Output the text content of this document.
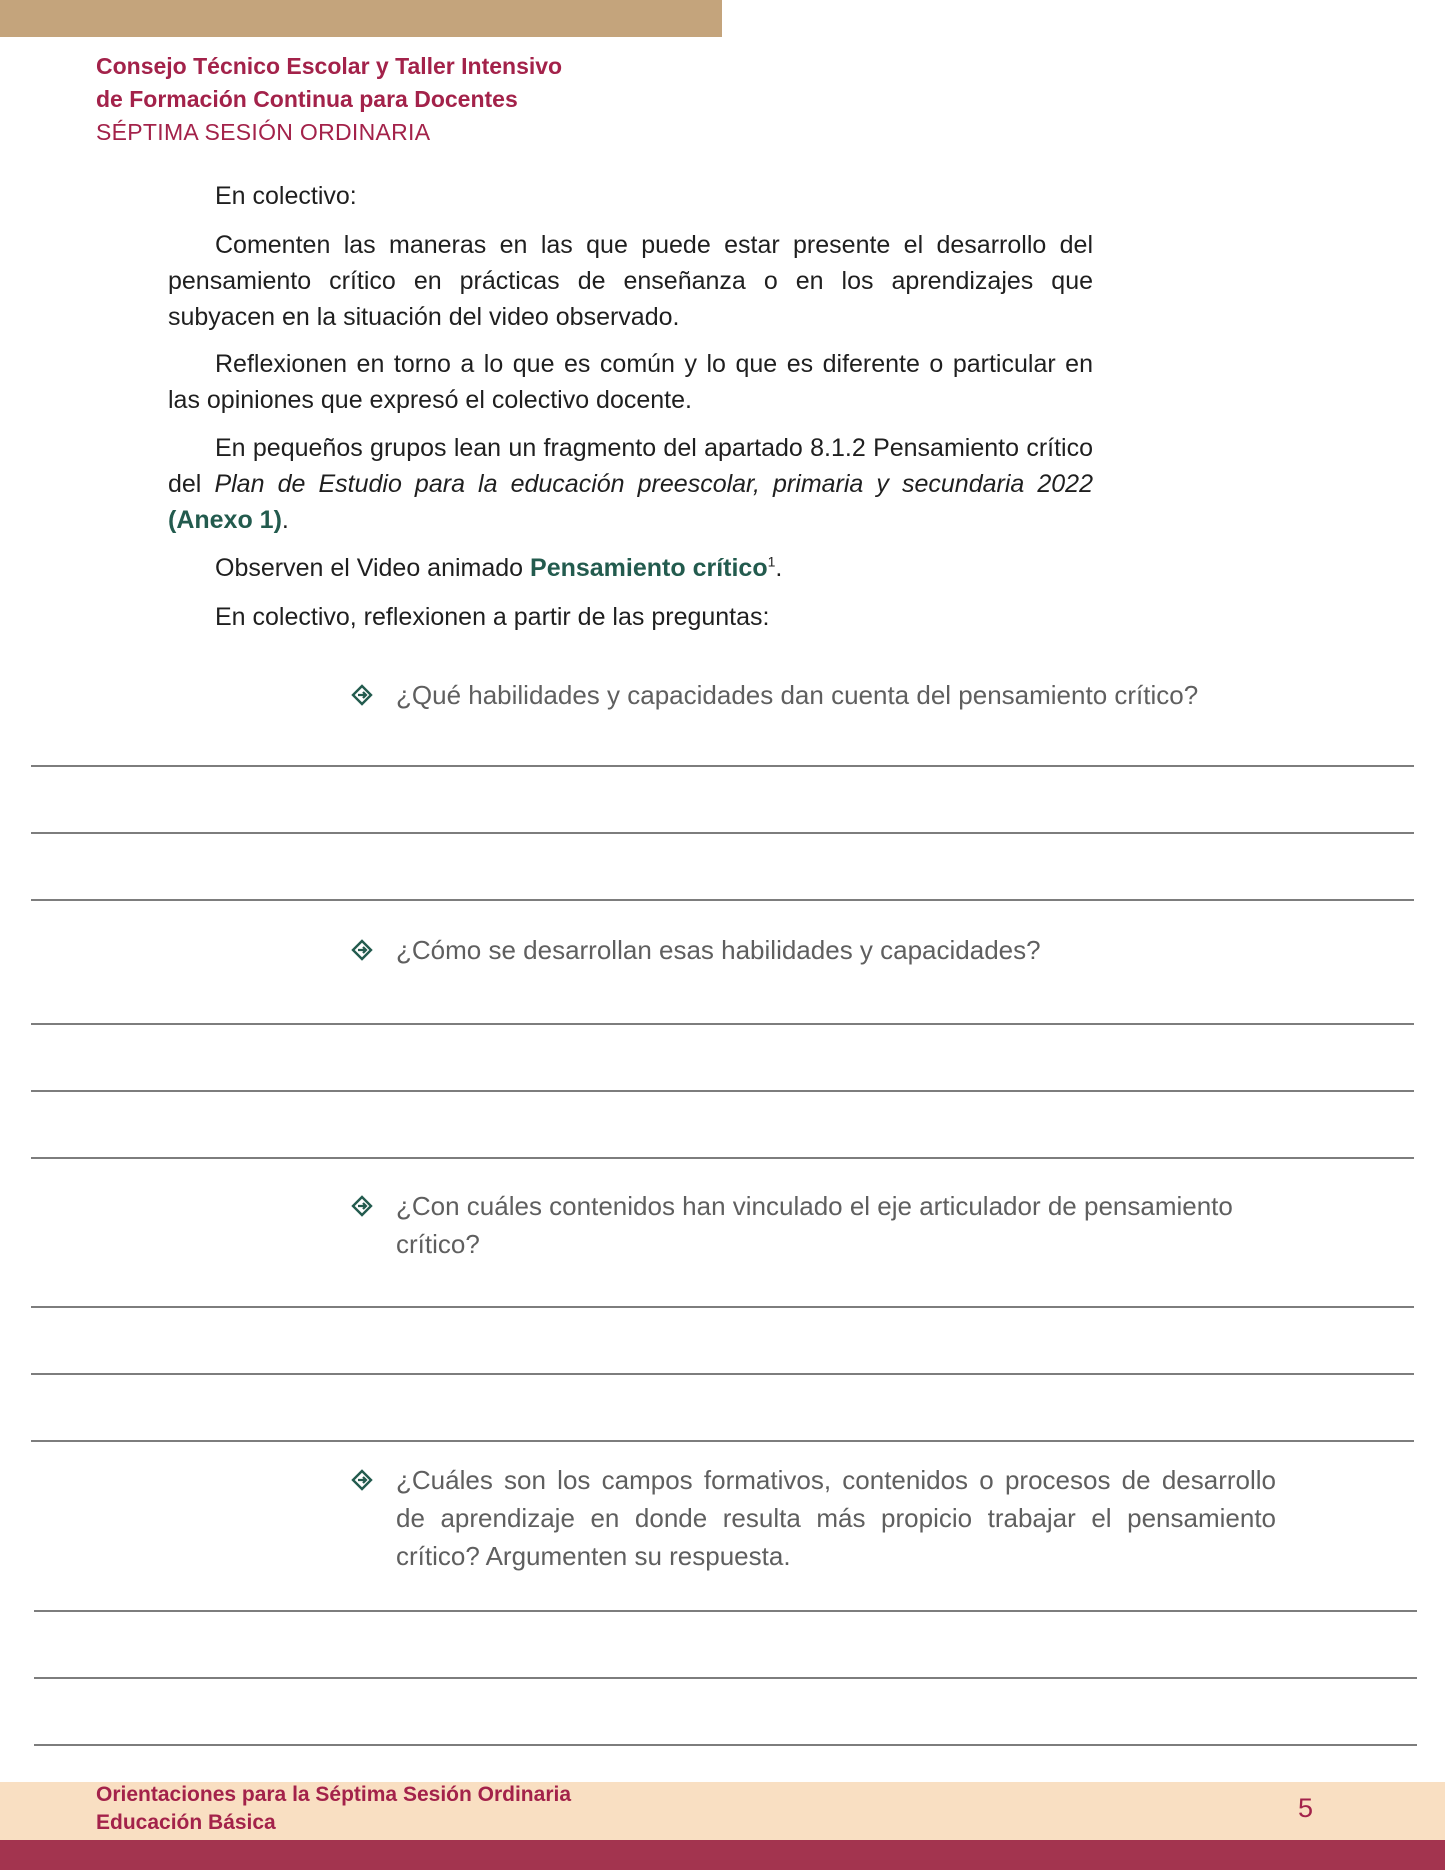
Consejo Técnico Escolar y Taller Intensivo
de Formación Continua para Docentes
SÉPTIMA SESIÓN ORDINARIA
En colectivo:
Comenten las maneras en las que puede estar presente el desarrollo del pensamiento crítico en prácticas de enseñanza o en los aprendizajes que subyacen en la situación del video observado.
Reflexionen en torno a lo que es común y lo que es diferente o particular en las opiniones que expresó el colectivo docente.
En pequeños grupos lean un fragmento del apartado 8.1.2 Pensamiento crítico del Plan de Estudio para la educación preescolar, primaria y secundaria 2022 (Anexo 1).
Observen el Video animado Pensamiento crítico$^1$.
En colectivo, reflexionen a partir de las preguntas:
¿Qué habilidades y capacidades dan cuenta del pensamiento crítico?
¿Cómo se desarrollan esas habilidades y capacidades?
¿Con cuáles contenidos han vinculado el eje articulador de pensamiento crítico?
¿Cuáles son los campos formativos, contenidos o procesos de desarrollo de aprendizaje en donde resulta más propicio trabajar el pensamiento crítico? Argumenten su respuesta.
Orientaciones para la Séptima Sesión Ordinaria
Educación Básica	5
